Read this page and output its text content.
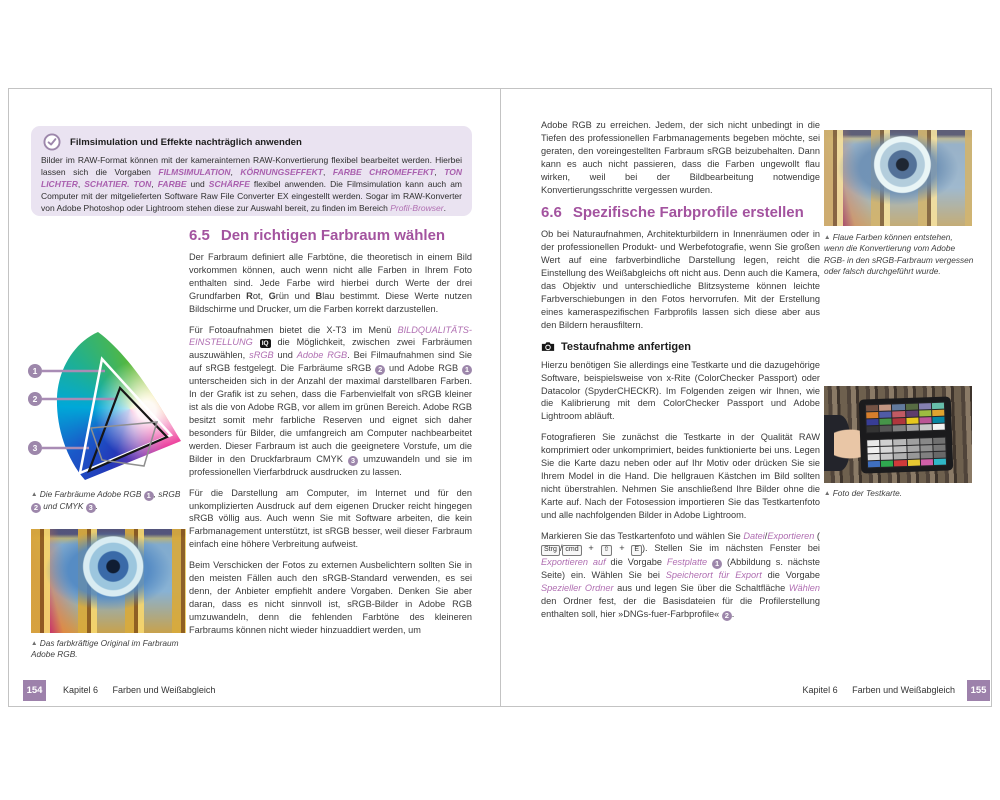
Filmsimulation und Effekte nachträglich anwenden
Bilder im RAW-Format können mit der kamerainternen RAW-Konvertierung flexibel bearbeitet werden. Hierbei lassen sich die Vorgaben FILMSIMULATION, KÖRNUNGSEFFEKT, FARBE CHROMEFFEKT, TON LICHTER, SCHATIER. TON, FARBE und SCHÄRFE flexibel anwenden. Die Filmsimulation kann auch am Computer mit der mitgelieferten Software Raw File Converter EX eingestellt werden. Sogar im RAW-Konverter von Adobe Photoshop oder Lightroom stehen diese zur Auswahl bereit, zu finden im Bereich Profil-Browser.
1
2
3
▲ Die Farbräume Adobe RGB 1 , sRGB 2 und CMYK 3 .
▲ Das farbkräftige Original im Farbraum Adobe RGB.
6.5 Den richtigen Farbraum wählen

Der Farbraum definiert alle Farbtöne, die theoretisch in einem Bild vorkommen können, auch wenn nicht alle Farben in Ihrem Foto enthalten sind. Jede Farbe wird hierbei durch Werte der drei Grundfarben Rot, Grün und Blau bestimmt. Diese Werte nutzen Bildschirme und Drucker, um die Farben korrekt darzustellen.

Für Fotoaufnahmen bietet die X-T3 im Menü BILDQUALITÄTS-EINSTELLUNG IQ die Möglichkeit, zwischen zwei Farbräumen auszuwählen, sRGB und Adobe RGB. Bei Filmaufnahmen sind Sie auf sRGB festgelegt. Die Farbräume sRGB 2 und Adobe RGB 1 unterscheiden sich in der Anzahl der maximal darstellbaren Farben. In der Grafik ist zu sehen, dass die Farbenvielfalt von sRGB kleiner ist als die von Adobe RGB, vor allem im grünen Bereich. Adobe RGB besitzt somit mehr farbliche Reserven und eignet sich daher besonders für Bilder, die umfangreich am Computer nachbearbeitet werden. Dieser Farbraum ist auch die geeignetere Vorstufe, um die Bilder in den Druckfarbraum CMYK 3 umzuwandeln und sie im professionellen Vierfarbdruck ausdrucken zu lassen.

Für die Darstellung am Computer, im Internet und für den unkomplizierten Ausdruck auf dem eigenen Drucker reicht hingegen sRGB völlig aus. Auch wenn Sie mit Software arbeiten, die kein Farbmanagement unterstützt, ist sRGB besser, weil dieser Farbraum einfach eine höhere Verbreitung aufweist.

Beim Verschicken der Fotos zu externen Ausbelichtern sollten Sie in den meisten Fällen auch den sRGB-Standard verwenden, es sei denn, der Anbieter empfiehlt andere Vorgaben. Denken Sie aber daran, dass es nicht sinnvoll ist, sRGB-Bilder in Adobe RGB umzuwandeln, denn die fehlenden Farbtöne des kleineren Farbraums können nicht wieder hinzuaddiert werden, um

154	Kapitel 6 Farben und Weißabgleich

Adobe RGB zu erreichen. Jedem, der sich nicht unbedingt in die Tiefen des professionellen Farbmanagements begeben möchte, sei geraten, den voreingestellten Farbraum sRGB beizubehalten. Dann kann es auch nicht passieren, dass die Farben ungewollt flau wirken, weil bei der Bildbearbeitung notwendige Konvertierungsschritte vergessen wurden.

6.6 Spezifische Farbprofile erstellen

Ob bei Naturaufnahmen, Architekturbildern in Innenräumen oder in der professionellen Produkt- und Werbefotografie, wenn Sie großen Wert auf eine farbverbindliche Darstellung legen, reicht die Einstellung des Weißabgleichs oft nicht aus. Denn auch die Kamera, das Objektiv und unterschiedliche Blitzsysteme können leichte Farbverschiebungen in den Fotos hervorrufen. Mit der Erstellung eines kameraspezifischen Farbprofils lassen sich diese aber aus den Bildern herausfiltern.

Testaufnahme anfertigen

Hierzu benötigen Sie allerdings eine Testkarte und die dazugehörige Software, beispielsweise von x-Rite (ColorChecker Passport) oder Datacolor (SpyderCHECKR). Im Folgenden zeigen wir Ihnen, wie die Kalibrierung mit dem ColorChecker Passport und Adobe Lightroom abläuft.

Fotografieren Sie zunächst die Testkarte in der Qualität RAW komprimiert oder unkomprimiert, beides funktionierte bei uns. Legen Sie die Karte dazu neben oder auf Ihr Motiv oder drücken Sie sie Ihrem Model in die Hand. Die hellgrauen Kästchen im Bild sollten nicht überstrahlen. Nehmen Sie anschließend Ihre Bilder ohne die Karte auf. Nach der Fotosession importieren Sie das Testkartenfoto und alle nachfolgenden Bilder in Adobe Lightroom.

Markieren Sie das Testkartenfoto und wählen Sie Datei/Exportieren (Strg / cmd + ⇧ + E ). Stellen Sie im nächsten Fenster bei Exportieren auf die Vorgabe Festplatte 1 (Abbildung s. nächste Seite) ein. Wählen Sie bei Speicherort für Export die Vorgabe Spezieller Ordner aus und legen Sie über die Schaltfläche Wählen den Ordner fest, der die Basisdateien für die Profilerstellung enthalten soll, hier »DNGs-fuer-Farbprofile« 2 .

▲ Flaue Farben können entstehen, wenn die Konvertierung vom Adobe RGB- in den sRGB-Farbraum vergessen oder falsch durchgeführt wurde.
▲ Foto der Testkarte.
Kapitel 6 Farben und Weißabgleich	155
